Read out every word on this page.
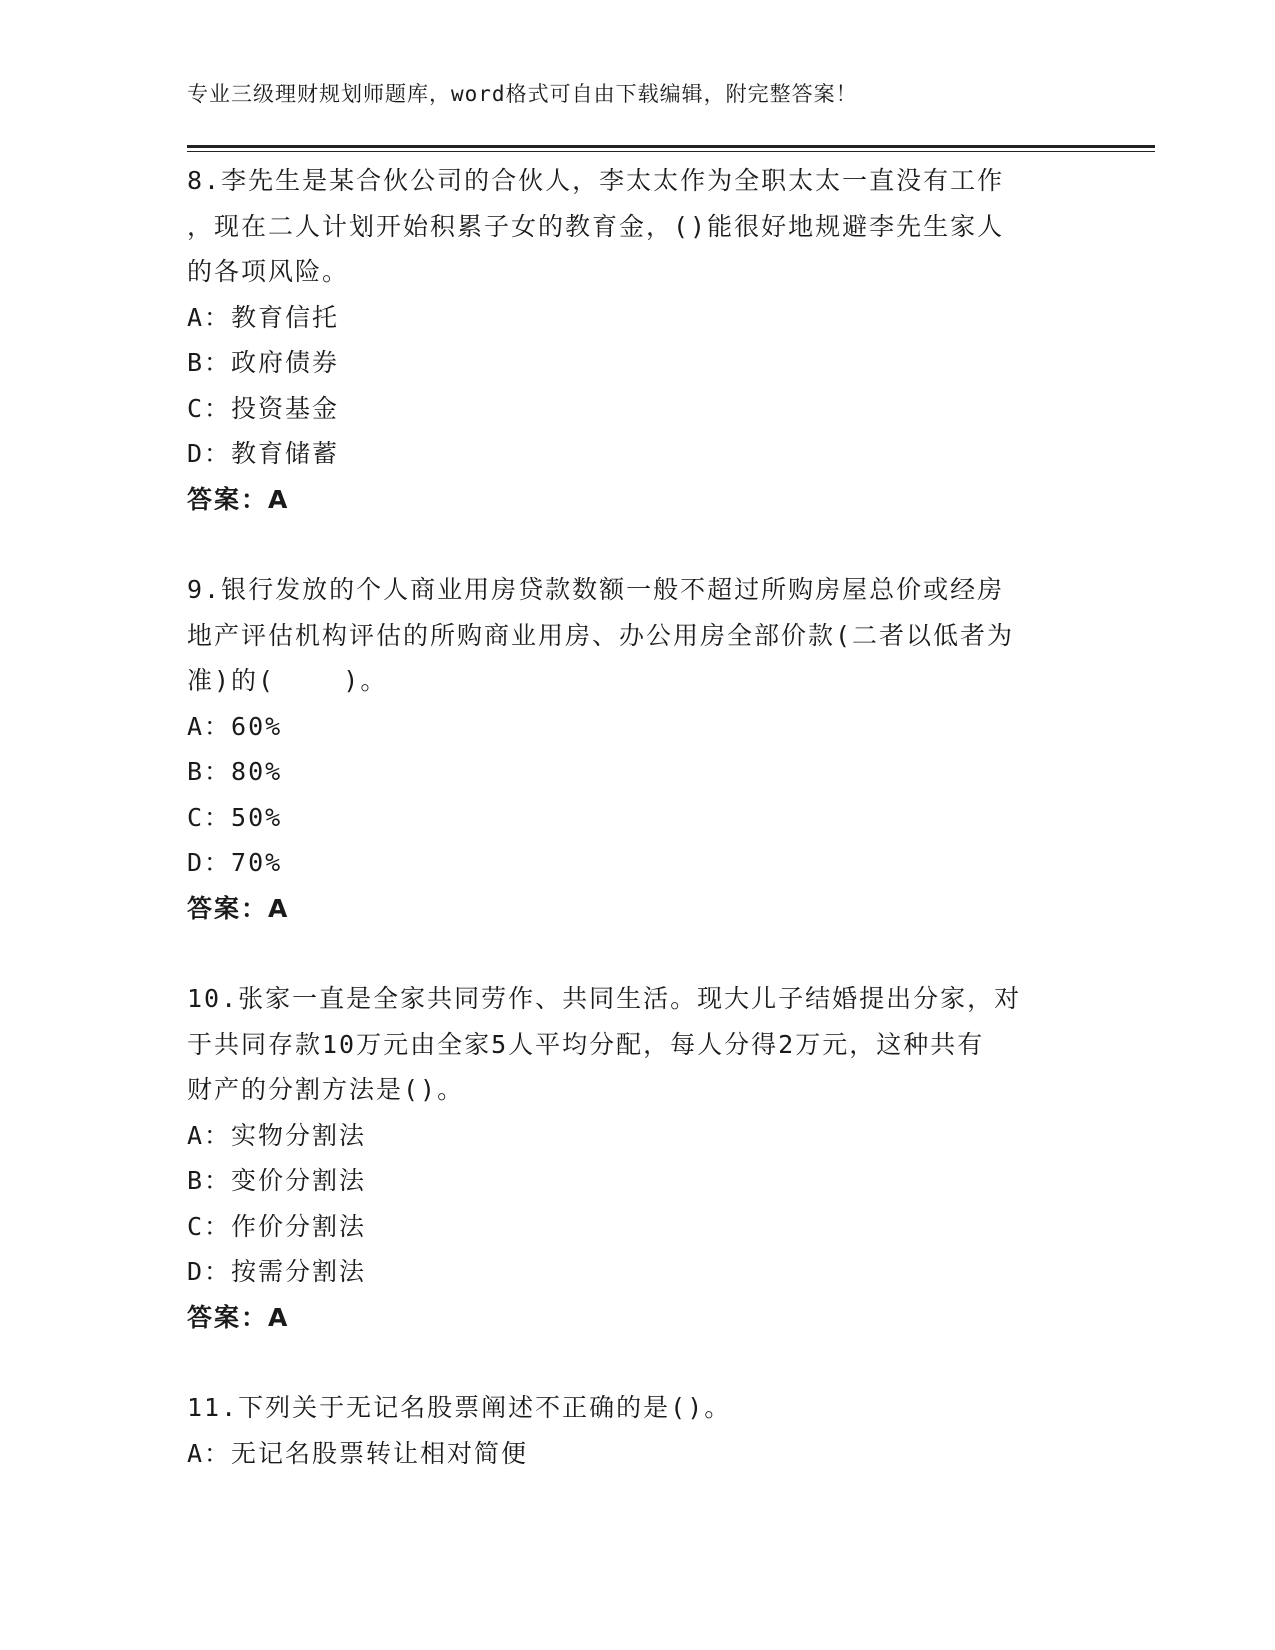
专业三级理财规划师题库，word格式可自由下载编辑，附完整答案！

8.李先生是某合伙公司的合伙人，李太太作为全职太太一直没有工作

，现在二人计划开始积累子女的教育金，()能很好地规避李先生家人

的各项风险。

A：教育信托

B：政府债券

C：投资基金

D：教育储蓄

答案：A

9.银行发放的个人商业用房贷款数额一般不超过所购房屋总价或经房

地产评估机构评估的所购商业用房、办公用房全部价款(二者以低者为

准)的(    )。

A：60%

B：80%

C：50%

D：70%

答案：A

10.张家一直是全家共同劳作、共同生活。现大儿子结婚提出分家，对

于共同存款10万元由全家5人平均分配，每人分得2万元，这种共有

财产的分割方法是()。

A：实物分割法

B：变价分割法

C：作价分割法

D：按需分割法

答案：A

11.下列关于无记名股票阐述不正确的是()。

A：无记名股票转让相对简便
